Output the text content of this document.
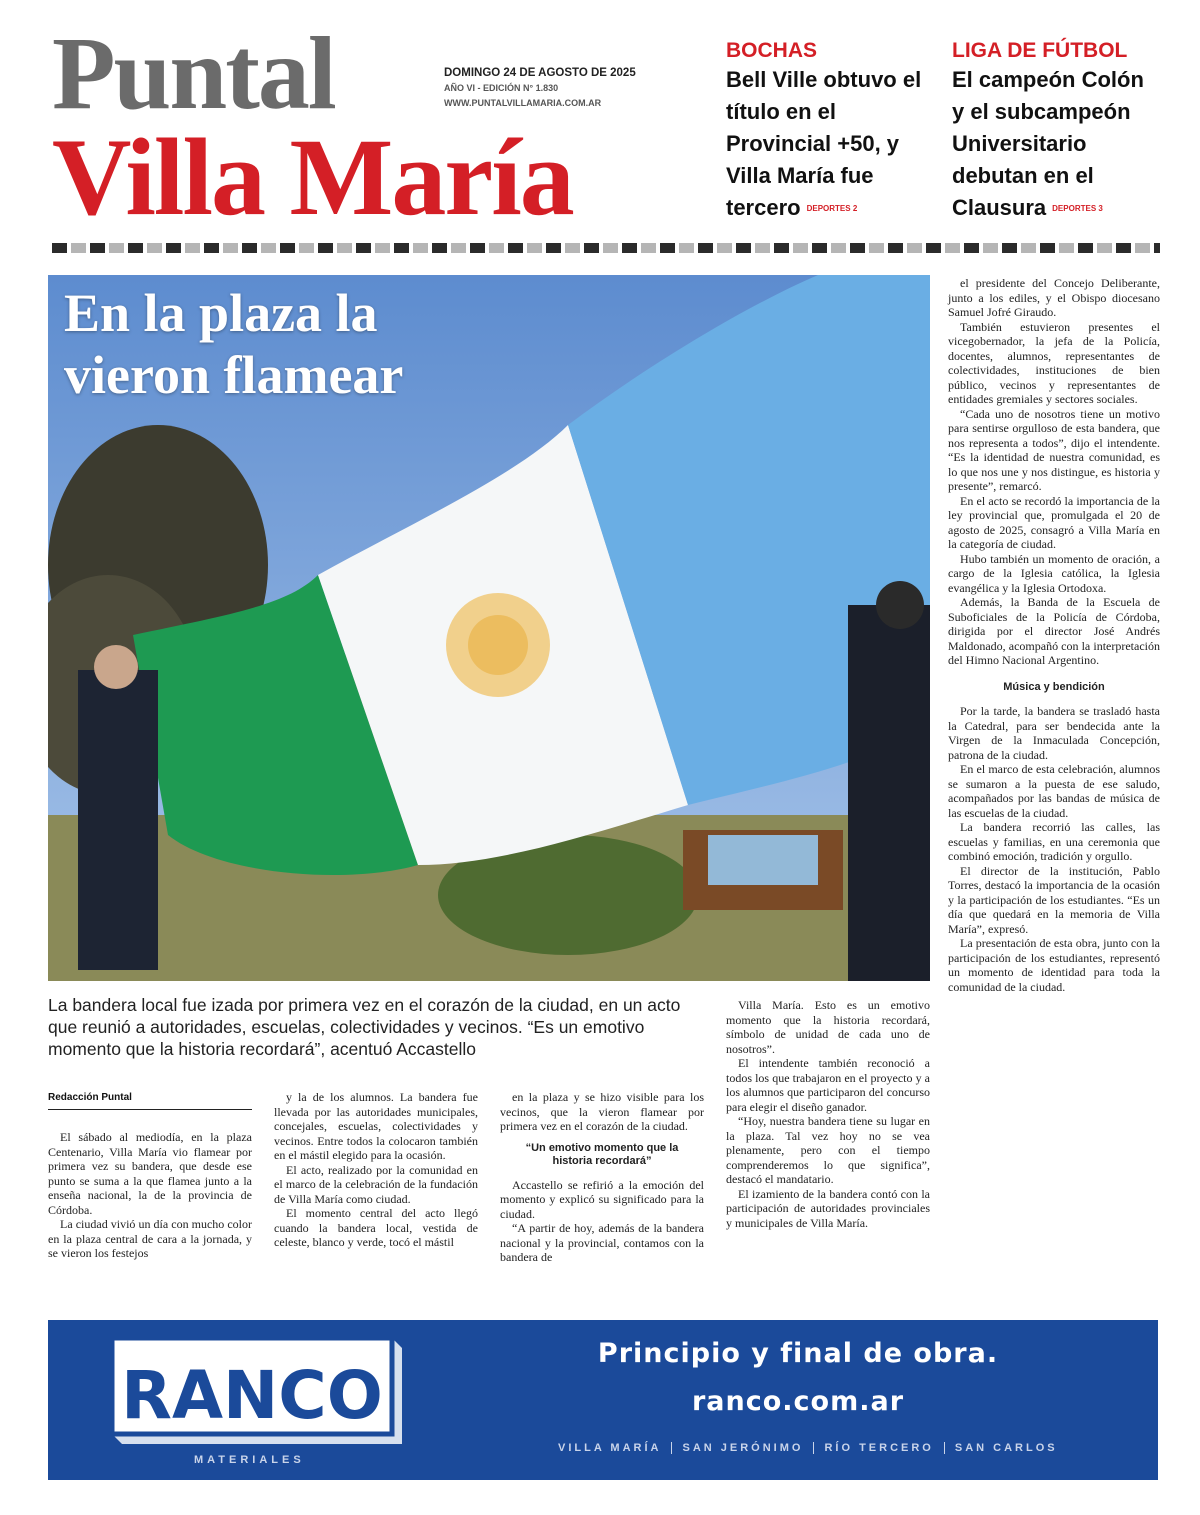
Puntal
Villa María
DOMINGO 24 DE AGOSTO DE 2025
AÑO VI - EDICIÓN N° 1.830
WWW.PUNTALVILLAMARIA.COM.AR
BOCHAS
Bell Ville obtuvo el título en el Provincial +50, y Villa María fue tercero DEPORTES 2
LIGA DE FÚTBOL
El campeón Colón y el subcampeón Universitario debutan en el Clausura DEPORTES 3
En la plaza la
vieron flamear

el presidente del Concejo Deliberante, junto a los ediles, y el Obispo diocesano Samuel Jofré Giraudo.

También estuvieron presentes el vicegobernador, la jefa de la Policía, docentes, alumnos, representantes de colectividades, instituciones de bien público, vecinos y representantes de entidades gremiales y sectores sociales.

“Cada uno de nosotros tiene un motivo para sentirse orgulloso de esta bandera, que nos representa a todos”, dijo el intendente. “Es la identidad de nuestra comunidad, es lo que nos une y nos distingue, es historia y presente”, remarcó.

En el acto se recordó la importancia de la ley provincial que, promulgada el 20 de agosto de 2025, consagró a Villa María en la categoría de ciudad.

Hubo también un momento de oración, a cargo de la Iglesia católica, la Iglesia evangélica y la Iglesia Ortodoxa.

Además, la Banda de la Escuela de Suboficiales de la Policía de Córdoba, dirigida por el director José Andrés Maldonado, acompañó con la interpretación del Himno Nacional Argentino.

Música y bendición

Por la tarde, la bandera se trasladó hasta la Catedral, para ser bendecida ante la Virgen de la Inmaculada Concepción, patrona de la ciudad.

En el marco de esta celebración, alumnos se sumaron a la puesta de ese saludo, acompañados por las bandas de música de las escuelas de la ciudad.

La bandera recorrió las calles, las escuelas y familias, en una ceremonia que combinó emoción, tradición y orgullo.

El director de la institución, Pablo Torres, destacó la importancia de la ocasión y la participación de los estudiantes. “Es un día que quedará en la memoria de Villa María”, expresó.

La presentación de esta obra, junto con la participación de los estudiantes, representó un momento de identidad para toda la comunidad de la ciudad.

La bandera local fue izada por primera vez en el corazón de la ciudad, en un acto que reunió a autoridades, escuelas, colectividades y vecinos. “Es un emotivo momento que la historia recordará”, acentuó Accastello
Redacción Puntal

El sábado al mediodía, en la plaza Centenario, Villa María vio flamear por primera vez su bandera, que desde ese punto se suma a la que flamea junto a la enseña nacional, la de la provincia de Córdoba.

La ciudad vivió un día con mucho color en la plaza central de cara a la jornada, y se vieron los festejos

y la de los alumnos. La bandera fue llevada por las autoridades municipales, concejales, escuelas, colectividades y vecinos. Entre todos la colocaron también en el mástil elegido para la ocasión.

El acto, realizado por la comunidad en el marco de la celebración de la fundación de Villa María como ciudad.

El momento central del acto llegó cuando la bandera local, vestida de celeste, blanco y verde, tocó el mástil

en la plaza y se hizo visible para los vecinos, que la vieron flamear por primera vez en el corazón de la ciudad.

“Un emotivo momento que la historia recordará”

Accastello se refirió a la emoción del momento y explicó su significado para la ciudad.

“A partir de hoy, además de la bandera nacional y la provincial, contamos con la bandera de

Villa María. Esto es un emotivo momento que la historia recordará, símbolo de unidad de cada uno de nosotros”.

El intendente también reconoció a todos los que trabajaron en el proyecto y a los alumnos que participaron del concurso para elegir el diseño ganador.

“Hoy, nuestra bandera tiene su lugar en la plaza. Tal vez hoy no se vea plenamente, pero con el tiempo comprenderemos lo que significa”, destacó el mandatario.

El izamiento de la bandera contó con la participación de autoridades provinciales y municipales de Villa María.

RANCO
MATERIALES
Principio y final de obra.
ranco.com.ar
VILLA MARÍA	SAN JERÓNIMO	RÍO TERCERO	SAN CARLOS
